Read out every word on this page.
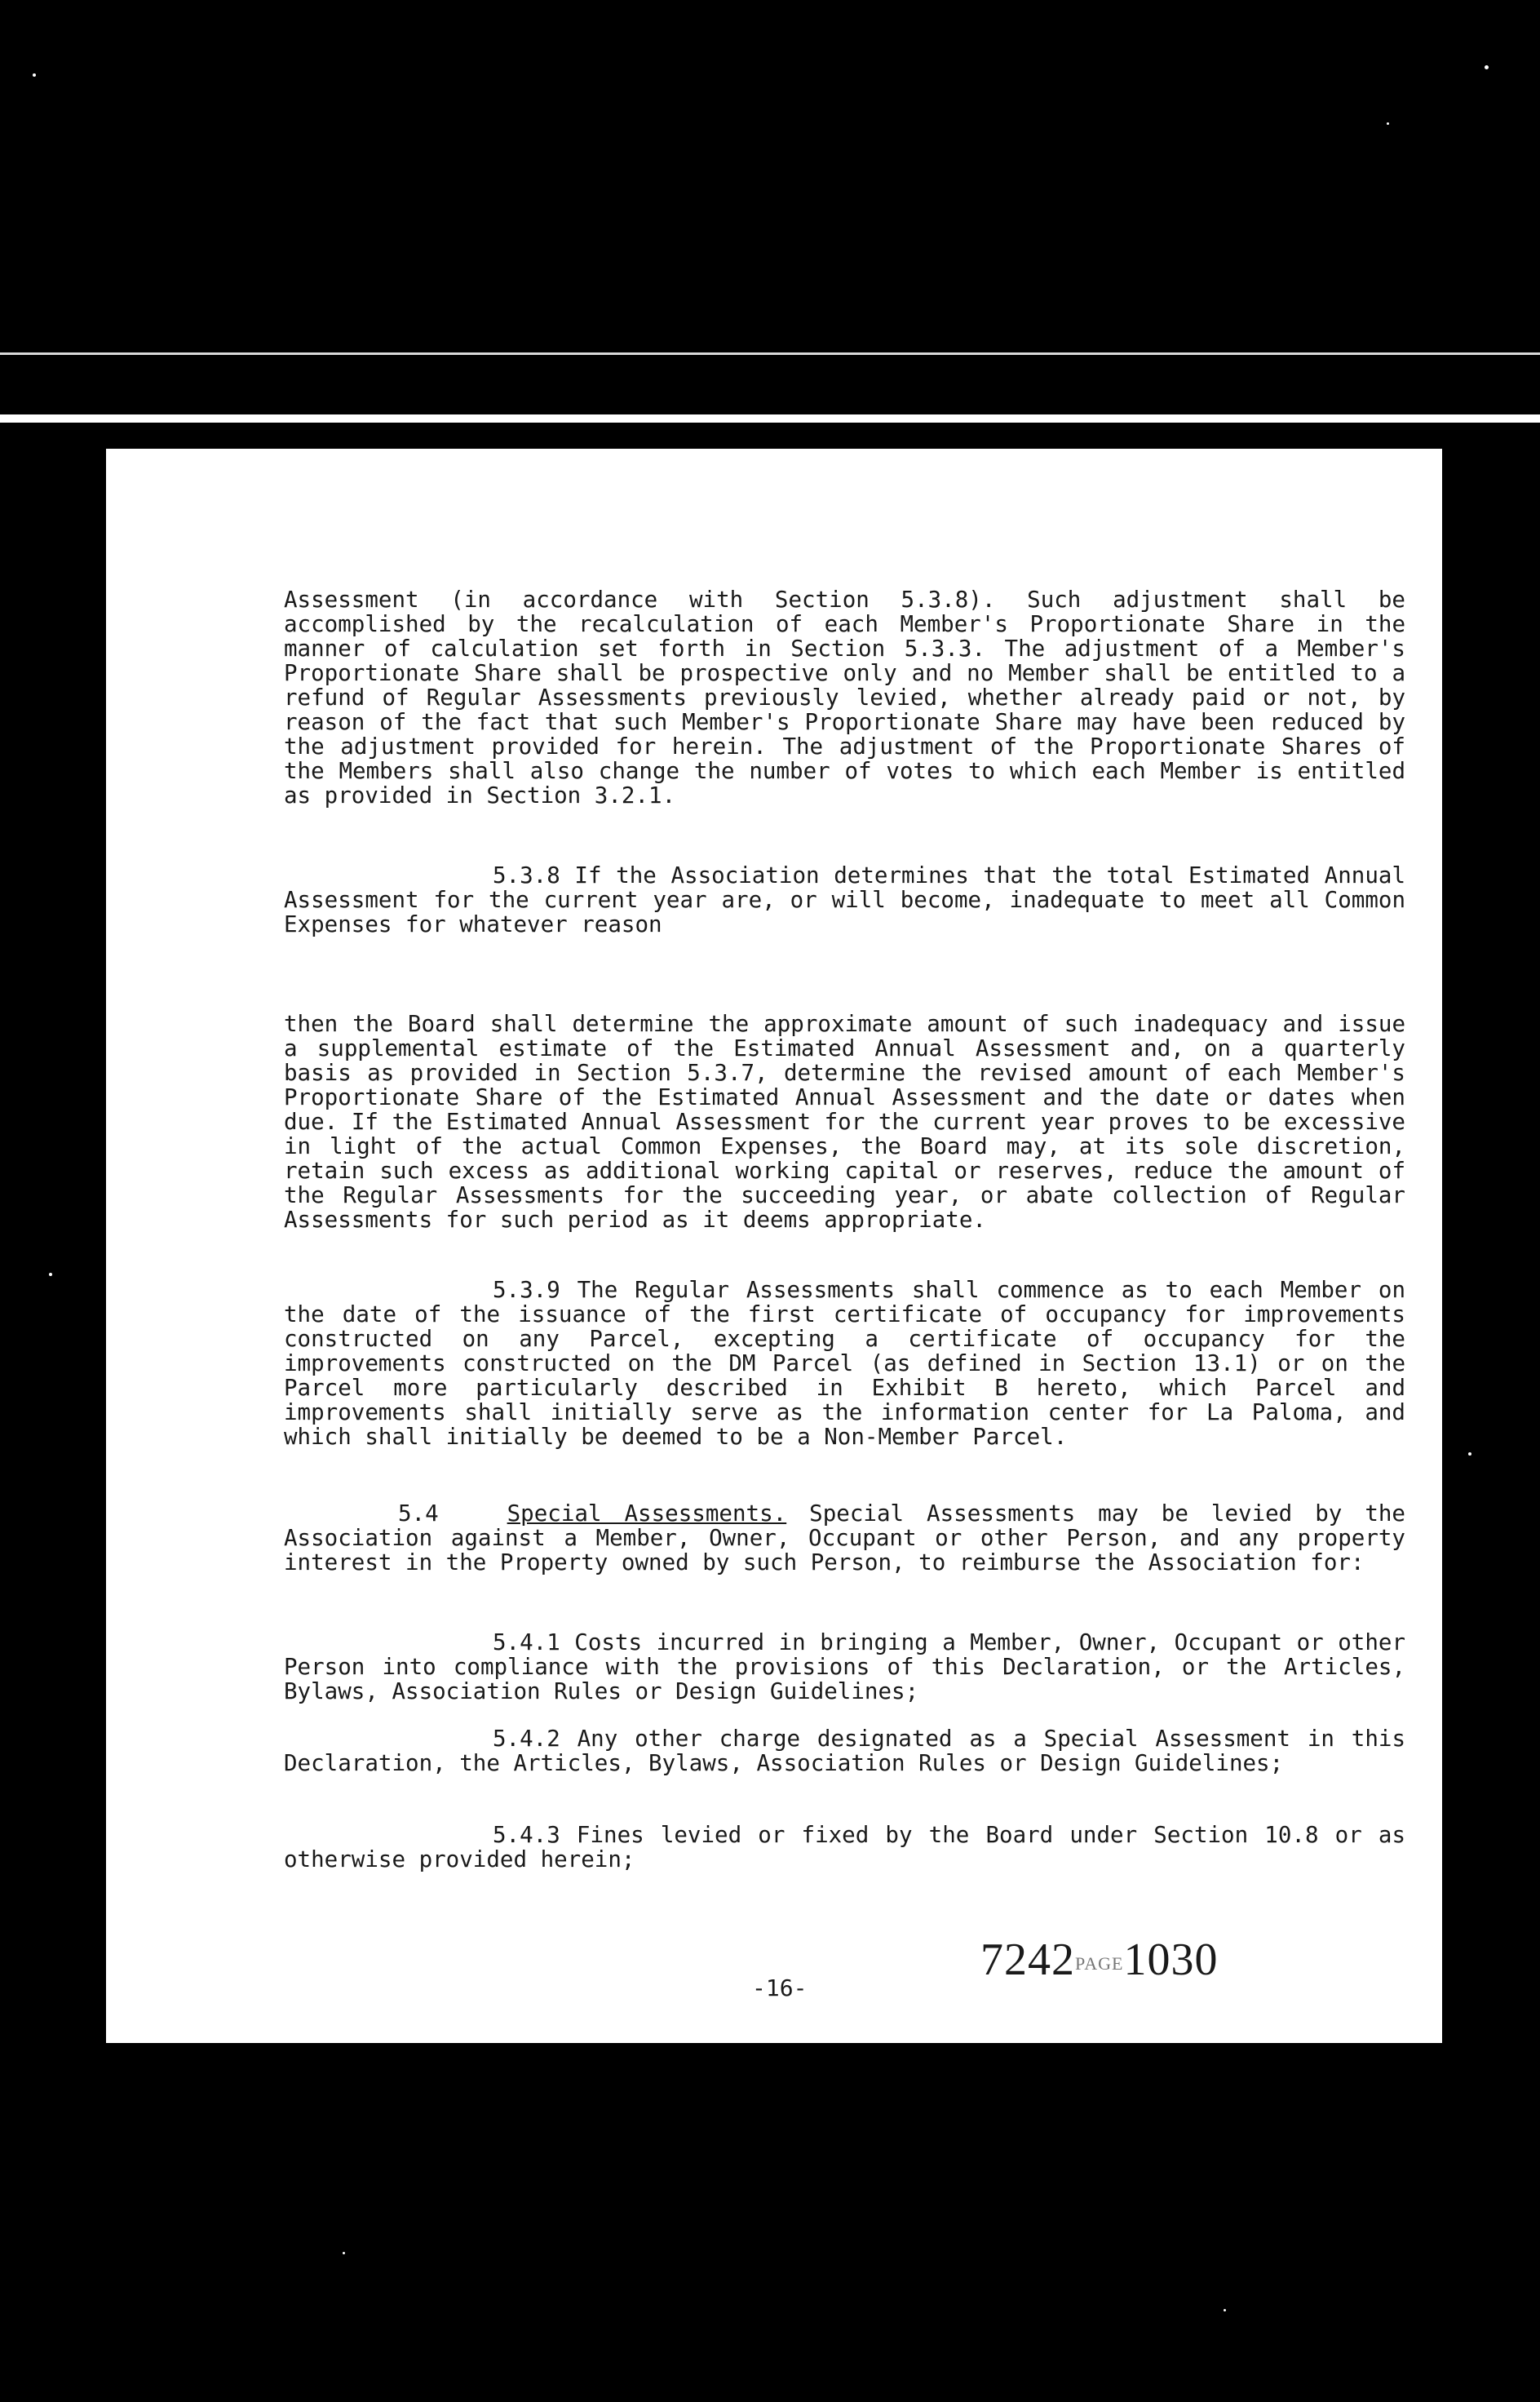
Assessment (in accordance with Section 5.3.8). Such adjustment shall be accomplished by the recalculation of each Member's Proportionate Share in the manner of calculation set forth in Section 5.3.3. The adjustment of a Member's Proportionate Share shall be prospective only and no Member shall be entitled to a refund of Regular Assessments previously levied, whether already paid or not, by reason of the fact that such Member's Proportionate Share may have been reduced by the adjustment provided for herein. The adjustment of the Proportionate Shares of the Members shall also change the number of votes to which each Member is entitled as provided in Section 3.2.1.

5.3.8 If the Association determines that the total Estimated Annual Assessment for the current year are, or will become, inadequate to meet all Common Expenses for whatever reason

then the Board shall determine the approximate amount of such inadequacy and issue a supplemental estimate of the Estimated Annual Assessment and, on a quarterly basis as provided in Section 5.3.7, determine the revised amount of each Member's Proportionate Share of the Estimated Annual Assessment and the date or dates when due. If the Estimated Annual Assessment for the current year proves to be excessive in light of the actual Common Expenses, the Board may, at its sole discretion, retain such excess as additional working capital or reserves, reduce the amount of the Regular Assessments for the succeeding year, or abate collection of Regular Assessments for such period as it deems appropriate.

5.3.9 The Regular Assessments shall commence as to each Member on the date of the issuance of the first certificate of occupancy for improvements constructed on any Parcel, excepting a certificate of occupancy for the improvements constructed on the DM Parcel (as defined in Section 13.1) or on the Parcel more particularly described in Exhibit B hereto, which Parcel and improvements shall initially serve as the information center for La Paloma, and which shall initially be deemed to be a Non-Member Parcel.

5.4	Special Assessments. Special Assessments may be levied by the Association against a Member, Owner, Occupant or other Person, and any property interest in the Property owned by such Person, to reimburse the Association for:

5.4.1 Costs incurred in bringing a Member, Owner, Occupant or other Person into compliance with the provisions of this Declaration, or the Articles, Bylaws, Association Rules or Design Guidelines;

5.4.2 Any other charge designated as a Special Assessment in this Declaration, the Articles, Bylaws, Association Rules or Design Guidelines;

5.4.3 Fines levied or fixed by the Board under Section 10.8 or as otherwise provided herein;

-16-
7242PAGE1030
